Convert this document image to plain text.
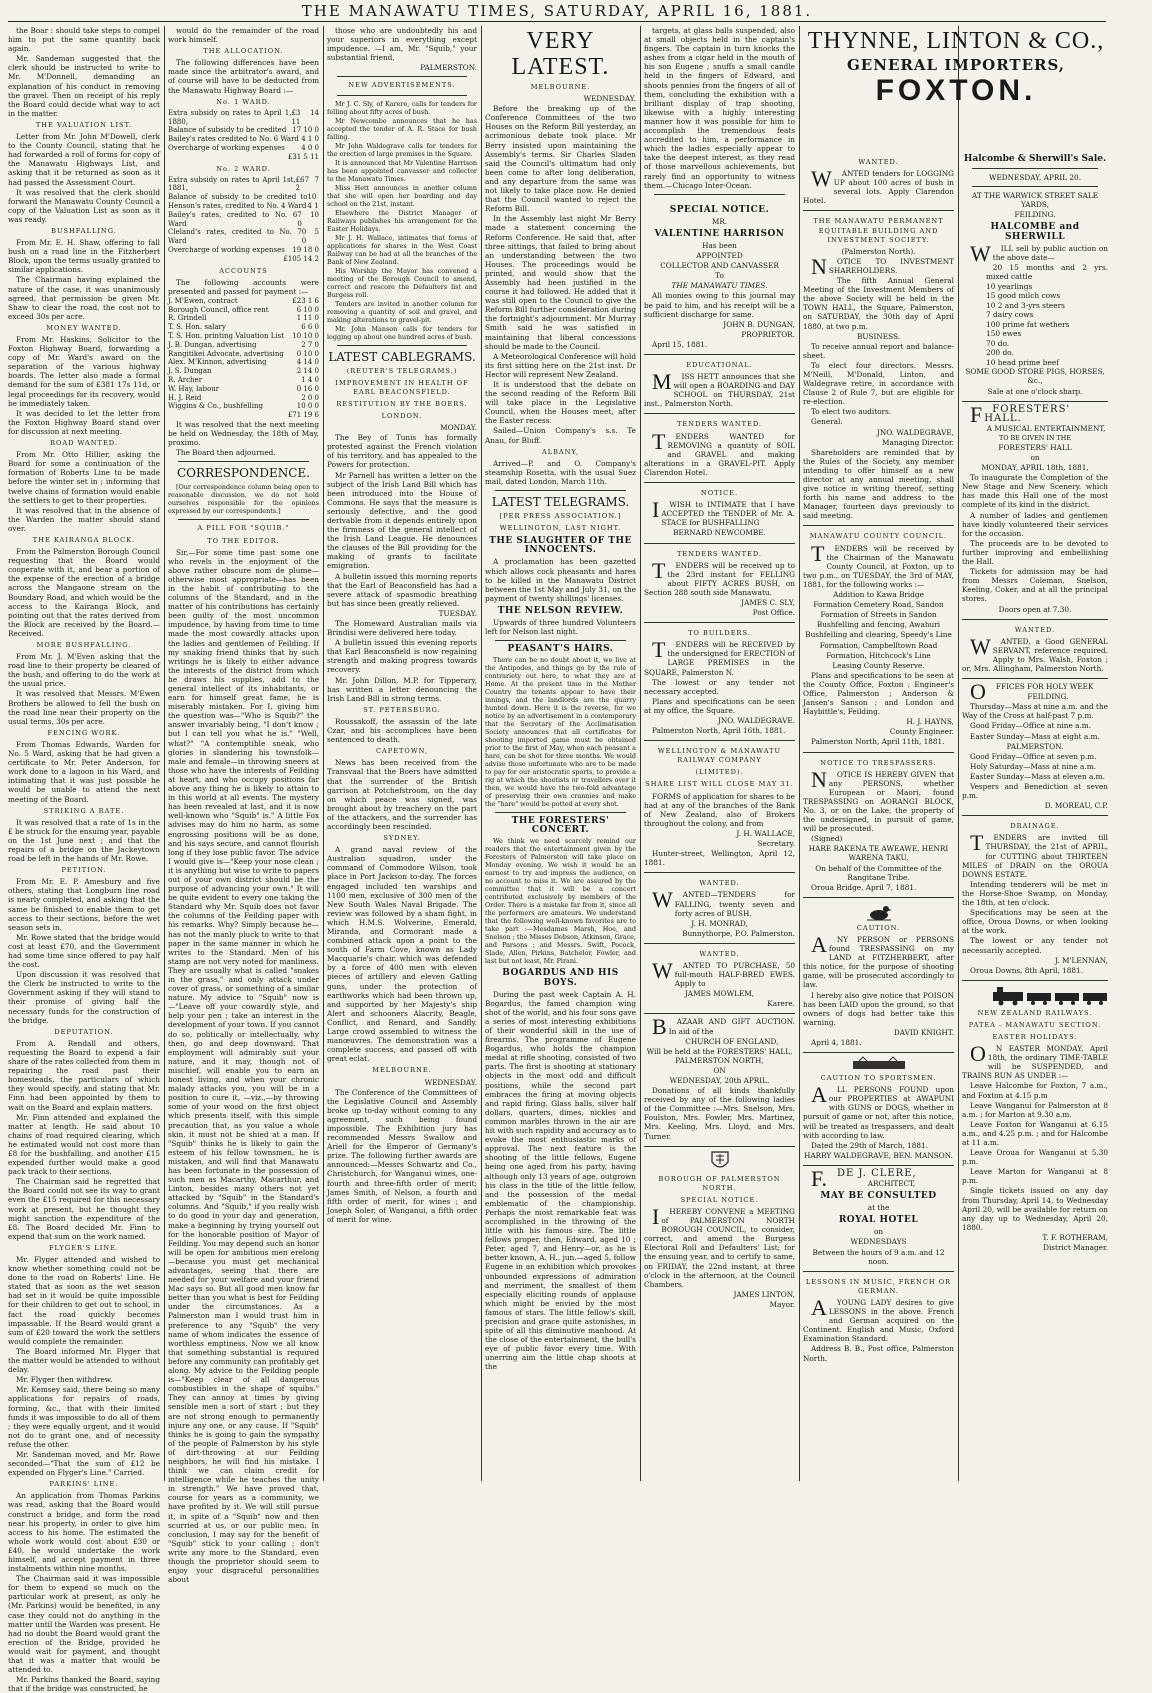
THE MANAWATU TIMES, SATURDAY, APRIL 16, 1881.

the Boar : should take steps to compel him to put the same quantity back again.

Mr. Sandeman suggested that the clerk should be instructed to write to Mr. M'Donnell, demanding an explanation of his conduct in removing the gravel. Then on receipt of his reply the Board could decide what way to act in the matter.

THE VALUATION LIST.

Letter from Mr. John M'Dowell, clerk to the County Council, stating that he had forwarded a roll of forms for copy of the Manawatu Highways List, and asking that it be returned as soon as it had passed the Assessment Court.

It was resolved that the clerk should forward the Manawatu County Council a copy of the Valuation List as soon as it was ready.

BUSHFALLING.

From Mr. E. H. Shaw, offering to fall bush on a road line in the Fitzherbert Block, upon the terms usually granted to similar applications.

The Chairman having explained the nature of the case, it was unanimously agreed, that permission be given Mr. Shaw to clear the road, the cost not to exceed 30s per acre.

MONEY WANTED.

From Mr. Haskins, Solicitor to the Foxton Highway Board, forwarding a copy of Mr. Ward's award on the separation of the various highway boards. The letter also made a formal demand for the sum of £381 17s 11d, or legal proceedings for its recovery, would be immediately taken.

It was decided to let the letter from the Foxton Highway Board stand over for discussion at next meeting.

ROAD WANTED.

From Mr. Otto Hillier, asking the Board for some a continuation of the formation of Roberts Line to be made before the winter set in ; informing that twelve chains of formation would enable the settlers to get to their properties.

It was resolved that in the absence of the Warden the matter should stand over.

THE KAIRANGA BLOCK.

From the Palmerston Borough Council requesting that the Board would cooperate with it, and bear a portion of the expense of the erection of a bridge across the Mangaone stream on the Boundary Road, and which would be the access to the Kairanga Block, and pointing out that the rates derived from the Block are received by the Board.—Received.

MORE BUSHFALLING.

From Mr. J. M'Even asking that the road line to their property be cleared of the bush, and offering to do the work at the usual price.

It was resolved that Messrs. M'Ewen Brothers be allowed to fell the bush on the road line near their property on the usual terms, 30s per acre.

FENCING WORK.

From Thomas Edwards, Warden for No. 5 Ward, asking that he had given a certificate to Mr. Peter Anderson, for work done to a lagoon in his Ward, and intimating that it was just possible he would be unable to attend the next meeting of the Board.

STRIKING A RATE.

It was resolved that a rate of 1s in the £ be struck for the ensuing year, payable on the 1st June next ; and that the repairs of a bridge on the Jackeytown road be left in the hands of Mr. Rowe.

PETITION.

From Mr. E. P. Amesbury and five others, stating that Longburn line road is nearly completed, and asking that the same be finished to enable them to get access to their sections, before the wet season sets in.

Mr. Rowe stated that the bridge would cost at least £70, and the Government had some time since offered to pay half the cost.

Upon discussion it was resolved that the Clerk be instructed to write to the Government asking if they will stand to their promise of giving half the necessary funds for the construction of the bridge.

DEPUTATION.

From A. Rendall and others, requesting the Board to expend a fair share of the rates collected from them in repairing the road past their homesteads, the particulars of which they would specify, and stating that Mr. Finn had been appointed by them to wait on the Board and explain matters.

Mr. Finn attended and explained the matter at length. He said about 10 chains of road required clearing, which he estimated would not cost more than £8 for the bushfalling, and another £15 expended further would make a good pack track to their sections.

The Chairman said he regretted that the Board could not see its way to grant even the £15 required for this necessary work at present, but he thought they might sanction the expenditure of the £8. The Board decided Mr. Finn to expend that sum on the work named.

FLYGER'S LINE.

Mr. Flyger attended and wished to know whether something could not be done to the road on Roberts' Line. He stated that as soon as the wet season had set in it would be quite impossible for their children to get out to school, in fact the road quickly becomes impassable. If the Board would grant a sum of £20 toward the work the settlers would complete the remainder.

The Board informed Mr. Flyger that the matter would be attended to without delay.

Mr. Flyger then withdrew.

Mr. Kemsey said, there being so many applications for repairs of roads, forming, &c., that with their limited funds it was impossible to do all of them ; they were equally urgent, and it would not do to grant one, and of necessity refuse the other.

Mr. Sandeman moved, and Mr. Rowe seconded—"That the sum of £12 be expended on Flyger's Line." Carried.

PARKINS' LINE.

An application from Thomas Parkins was read, asking that the Board would construct a bridge, and form the road near his property, in order to give him access to his home. The estimated the whole work would cost about £30 or £40, he would undertake the work himself, and accept payment in three instalments within nine months.

The Chairman said it was impossible for them to expend so much on the particular work at present, as only he (Mr. Parkins) would be benefited, in any case they could not do anything in the matter until the Warden was present. He had no doubt the Board would grant the erection of the Bridge, provided he would wait for payment, and thought that it was a matter that would be attended to.

Mr. Parkins thanked the Board, saying that if the bridge was constructed, he

would do the remainder of the road work himself.

THE ALLOCATION.

The following differences have been made since the arbitrator's award, and of course will have to be deducted from the Manawatu Highway Board :—

No. 1 WARD.
Extra subsidy on rates to April 1, 1880,
£3 14 11
Balance of subsidy to be credited 17 10 0
Bailey's rates credited to No. 6 Ward 4 1 0
Overcharge of working expenses 4 0 0
£31 5 11
No. 2 WARD.
Extra subsidy on rates to April 1st, 1881,
£67 7 2
Balance of subsidy to be credited to Henson's rates, credited to No. 4 Ward
10 4 1
Bailey's rates, credited to No. 6 Ward
7 10 0
Cleland's rates, credited to No. 7 Ward
0 5 0
Overcharge of working expenses 19 18 0
£105 14 2
ACCOUNTS

The following accounts were presented and passed for payment :—

J. M'Ewen, contract	£23 1 6
Borough Council, office rent	6 10 0
R. Grindell	1 11 0
T. S. Hon. salary	6 6 0
T. S. Hon. printing Valuation List 10 10 0
J. B. Dungan, advertising	2 7 0
Rangitikei Advocate, advertising 0 10 0
Alex. M'Kinnon, advertising	4 14 0
J. S. Dungan	2 14 0
R. Archer	1 4 0
W. Hay, labour	0 16 0
H. J. Reid	2 0 0
Wiggins & Co., bushfelling	10 0 0
£71 19 6

It was resolved that the next meeting be held on Wednesday, the 18th of May, proximo.

The Board then adjourned.

CORRESPONDENCE.

[Our correspondence column being open to reasonable discussion, we do not hold ourselves responsible for the opinions expressed by our correspondents.]

A PILL FOR "SQUIB."
TO THE EDITOR.

Sir,—For some time past some one who revels in the enjoyment of the above rather obscure nom de plume—otherwise most appropriate—has been in the habit of contributing to the columns of the Standard, and in the matter of his contributions has certainly been guilty of the most uncommon impudence, by having from time to time made the most cowardly attacks upon the ladies and gentlemen of Feilding. If my snaking friend thinks that by such writings he is likely to either advance the interests of the district from which he draws his supplies, add to the general intellect of its inhabitants, or earn for himself great fame, he is miserably mistaken. For I, giving him the question was—"Who is Squib?" the answer invariably being, "I don't know ; but I can tell you what he is." "Well, what?" "A contemptible sneak, who glories in slandering his townsfolk—male and female—in throwing sneers at those who have the interests of Feilding at heart, and who occupy positions far above any thing he is likely to attain to in this world at all events. The mystery has been revealed at last, and it is now well-known who "Squib" is." A little Fox advises may do him no harm, as some engrossing positions will be as done, and his says secure, and cannot flourish long if they lose public favor. The advice I would give is—"Keep your nose clean ; it is anything but wise to write to papers out of your own district should be the purpose of advancing your own." It will be quite evident to every one taking the Standard why Mr. Squib does not favor the columns of the Feilding paper with his remarks. Why? Simply because he—has not the manly pluck to write to that paper in the same manner in which he writes to the Standard. Men of his stamp are not very noted for manliness. They are usually what is called "snakes in the grass," and only attack under cover of grass, or something of a similar nature. My advice to "Squib" now is—"Leave off your cowardly style, and help your pen ; take an interest in the development of your town. If you cannot do so, politically or intellectually, why then, go and deep downward. That employment will admirably suit your nature, and it may, though not of mischief, will enable you to earn an honest living, and when your chronic malady attacks you, you will be in a position to cure it, —viz.,—by throwing some of your wood on the first object which presents itself, with this simple precaution that, as you value a whole skin, it must not be shied at a man. If "Squib" thinks he is likely to gain the esteem of his fellow townsmen, he is mistaken, and will find that Manawatu has been fortunate in the possession of such men as Macarthy, Macarthur, and Linton, besides many others not yet attacked by "Squib" in the Standard's columns. And "Squib," if you really wish to do good in your day and generation, make a beginning by trying yourself out for the honorable position of Mayor of Feilding. You may depend such an honor will be open for ambitious men erelong—because you must get mechanical advantages, seeing that there are needed for your welfare and your friend Mac says so. But all good men know far better than you what is best for Feilding under the circumstances. As a Palmerston man I would trust him in preference to any "Squib" the very name of whom indicates the essence of worthless emptiness. Now we all know that something substantial is required before any community can profitably get along. My advice to the Feilding people is—"Keep clear of all dangerous combustibles in the shape of squibs." They can annoy at times by giving sensible men a sort of start ; but they are not strong enough to permanently injure any one, or any cause. If "Squib" thinks he is going to gain the sympathy of the people of Palmerston by his style of dirt-throwing at our Feilding neighbors, he will find his mistake. I think we can claim credit for intelligence while he teaches the unity in strength." We have proved that, course for years as a community, we have profited by it. We will still pursue it, in spite of a "Squib" now and then scurried at us, or our public men. In conclusion, I may say for the benefit of "Squib" stick to your calling ; don't write any more to the Standard, even though the proprietor should seem to enjoy your disgraceful personalities about

those who are undoubtedly his and your superiors in everything except impudence. —I am, Mr. "Squib," your substantial friend,

PALMERSTON.

NEW ADVERTISEMENTS.

Mr J. C. Sly, of Karere, calls for tenders for felling about fifty acres of bush.

Mr Newcombe announces that he has accepted the tender of A. R. Stace for bush falling.

Mr John Waldegrave calls for tenders for the erection of large premises in the Square.

It is announced that Mr Valentine Harrison has been appointed canvasser and collector to the Manawatu Times.

Miss Hett announces in another column that she will open her boarding and day school on the 21st, instant.

Elsewhere the District Manager of Railways publishes his arrangement for the Easter Holidays.

Mr J. H. Wallace, intimates that forms of applications for shares in the West Coast Railway can be had at all the branches of the Bank of New Zealand.

His Worship the Mayor has convened a meeting of the Borough Council to amend, correct and rescore the Defaulters list and Burgess roll.

Tenders are invited in another column for removing a quantity of soil and gravel, and making alterations to gravel-pit.

Mr. John Manson calls for tenders for logging up about one hundred acres of bush.

LATEST CABLEGRAMS.
(REUTER'S TELEGRAMS.)
IMPROVEMENT IN HEALTH OF EARL BEACONSFIELD.
RESTITUTION BY THE BOERS.
LONDON.

MONDAY.

The Bey of Tunis has formally protested against the French violation of his territory, and has appealed to the Powers for protection.

Mr Parnell has written a letter on the subject of the Irish Land Bill which has been introduced into the House of Commons. He says that the measure is seriously defective, and the good derivable from it depends entirely upon the firmness of the general intellect of the Irish Land League. He denounces the clauses of the Bill providing for the making of grants to facilitate emigration.

A bulletin issued this morning reports that the Earl of Beaconsfield has had a severe attack of spasmodic breathing but has since been greatly relieved.

TUESDAY.

The Homeward Australian mails via Brindisi were delivered here today.

A bulletin issued this evening reports that Earl Beaconsfield is now regaining strength and making progress towards recovery.

Mr. John Dillon, M.P. for Tipperary, has written a letter denouncing the Irish Land Bill in strong terms.

ST. PETERSBURG.

Roussakoff, the assassin of the late Czar, and his accomplices have been sentenced to death.

CAPETOWN,

News has been received from the Transvaal that the Boers have admitted that the surrender of the British garrison at Potchefstroom, on the day on which peace was signed, was brought about by treachery on the part of the attackers, and the surrender has accordingly been rescinded.

SYDNEY.

A grand naval review of the Australian squadron, under the command of Commodore Wilson, took place in Port Jackson to-day. The forces engaged included ten warships and 1100 men, exclusive of 300 men of the New South Wales Naval Brigade. The review was followed by a sham fight, in which H.M.S. Wolverine, Emerald, Miranda, and Cormorant made a combined attack upon a point to the south of Farm Cove, known as Lady Macquarie's chair, which was defended by a force of 400 men with eleven pieces of artillery and eleven Gatling guns, under the protection of earthworks which had been thrown up, and supported by her Majesty's ship Alert and schooners Alacrity, Beagle, Conflict, and Renard, and Sandfly. Large crowd assembled to witness the manœuvres. The demonstration was a complete success, and passed off with great eclat.

MELBOURNE.

WEDNESDAY.

The Conference of the Committees of the Legislative Council and Assembly broke up to-day without coming to any agreement, such being found impossible. The Exhibition jury has recommended Messrs Swallow and Ariell for the Emperor of Germany's prize. The following further awards are announced:—Messrs Schwartz and Co., Christchurch, for Wanganui wines, one-fourth and three-fifth order of merit; James Smith, of Nelson, a fourth and fifth order of merit, for wines ; and Joseph Soler, of Wanganui, a fifth order of merit for wine.

VERY LATEST.
MELBOURNE.

WEDNESDAY.

Before the breaking up of the Conference Committees of the two Houses on the Reform Bill yesterday, an acrimonious debate took place. Mr Berry insisted upon maintaining the Assembly's terms. Sir Charles Sladen said the Council's ultimatum had only been come to after long deliberation, and any departure from the same was not likely to take place now. He denied that the Council wanted to reject the Reform Bill.

In the Assembly last night Mr Berry made a statement concerning the Reform Conference. He said that, after three sittings, that failed to bring about an understanding between the two Houses. The proceedings would be printed, and would show that the Assembly had been justified in the course it had followed. He added that it was still open to the Council to give the Reform Bill further consideration during the fortnight's adjournment. Mr Murray Smith said he was satisfied in maintaining that liberal concessions should be made to the Council.

A Meteorological Conference will hold its first sitting here on the 21st inst. Dr Hector will represent New Zealand.

It is understood that the debate on the second reading of the Reform Bill will take place in the Legislative Council, when the Houses meet, after the Easter recess.

Sailed—Union Company's s.s. Te Anau, for Bluff.

ALBANY,

Arrived—P. and O. Company's steamship Rosetta, with the usual Suez mail, dated London, March 11th.

LATEST TELEGRAMS.
[PER PRESS ASSOCIATION.]
WELLINGTON, LAST NIGHT.
THE SLAUGHTER OF THE INNOCENTS.

A proclamation has been gazetted which allows cock pheasants and hares to be killed in the Manawatu District between the 1st May and July 31, on the payment of twenty shillings' licenses.

THE NELSON REVIEW.

Upwards of three hundred Volunteers left for Nelson last night.

PEASANT'S HAIRS.

There can be no doubt about it, we live at the Antipodes, and things go by the rule of contrariety out here, to what they are at Home. At the present time in the Mother Country the tenants appear to have their innings, and the landlords are the quarry hunted down. Here it is the reverse, for we notice by an advertisement in a contemporary that the Secretary of the Acclimatisation Society announces that all certificates for shooting imported game must be obtained prior to the first of May, when each peasant a hare, can be shot for three months. We would advise those unfortunate who are to be made to pay for our aristocratic sports, to provide a rig at which the shootists or travellers over it then, we would have the two-fold advantage of preserving their own crannies and make the "hare" would be potted at every shot.

THE FORESTERS' CONCERT.

We think we need scarcely remind our readers that the entertainment given by the Foresters of Palmerston will take place on Monday evening. We wish it would be an earnest to try and impress the audience, on no account to miss it. We are assured by the committee that it will be a concert contributed exclusively by members of the Order. There is a mistake far from it, since all the performers are amateurs. We understand that the following well-known favorites are to take part :—Mesdames Marsh, Hoe, and Snelson ; the Misses Dobson, Atkinson, Grace, and Parsons ; and Messrs. Swift, Pocock, Slade, Allen, Pirkins, Batchelor, Fowler, and last but not least, Mr. Pirani.

BOGARDUS AND HIS BOYS.

During the past week Captain A. H. Bogardus, the famed champion wing shot of the world, and his four sons gave a series of most interesting exhibitions of their wonderful skill in the use of firearms. The programme of Eugene Bogardus, who holds the champion medal at rifle shooting, consisted of two parts. The first is shooting at stationary objects in the most odd and difficult positions, while the second part embraces the firing at moving objects and rapid firing. Glass balls, silver half dollars, quarters, dimes, nickles and common marbles thrown in the air are hit with such rapidity and accuracy as to evoke the most enthusiastic marks of approval. The next feature is the shooting of the little fellows, Eugene being one aged from his party, having although only 13 years of age, outgrown his class in the title of the little fellow, and the possession of the medal emblematic of the championship. Perhaps the most remarkable feat was accomplished in the throwing of the little with his famous sire. The little fellows proper, then, Edward, aged 10 ; Peter, aged 7, and Henry—or, as he is better known, A. H., jun.—aged 5, follow Eugene in an exhibition which provokes unbounded expressions of admiration and merriment, the smallest of them especially eliciting rounds of applause which might be envied by the most famous of stars. The little fellow's skill, precision and grace quite astonishes, in spite of all this diminutive manhood. At the close of the entertainment, the bull's eye of public favor every time. With unerring aim the little chap shoots at the

targets, at glass balls suspended, also at small objects held in the captain's fingers. The captain in turn knocks the ashes from a cigar held in the mouth of his son Eugene ; snuffs a small candle held in the fingers of Edward, and shoots pennies from the fingers of all of them, concluding the exhibition with a brilliant display of trap shooting, likewise with a highly interesting manner how it was possible for him to accomplish the tremendous feats accredited to him, a performance in which the ladies especially appear to take the deepest interest, as they read of those marvellous achievements, but rarely find an opportunity to witness them.—Chicago Inter-Ocean.

SPECIAL NOTICE.

MR.

VALENTINE HARRISON

Has been

APPOINTED

COLLECTOR AND CANVASSER

To

THE MANAWATU TIMES.

All monies owing to this journal may be paid to him, and his receipt will be a sufficient discharge for same.

JOHN B. DUNGAN,

PROPRIETOR.

April 15, 1881.

EDUCATIONAL.

M ISS HETT announces that she will open a BOARDING and DAY SCHOOL on THURSDAY, 21st inst., Palmerston North.

TENDERS WANTED.

T ENDERS WANTED for REMOVING a quantity of SOIL and GRAVEL and making alterations in a GRAVEL-PIT. Apply Clarendon Hotel.

NOTICE.

I WISH to INTIMATE that I have ACCEPTED the TENDER of Mr. A. STACE for BUSHFALLING

BERNARD NEWCOMBE.

TENDERS WANTED.

T ENDERS will be received up to the 23rd instant for FELLING about FIFTY ACRES BUSH, on Section 288 south side Manawatu.

JAMES C. SLY,

Post Office.

TO BUILDERS.

T ENDERS will be RECEIVED by the undersigned for ERECTION of LARGE PREMISES in the SQUARE, Palmerston N.

The lowest or any tender not necessary accepted.

Plans and specifications can be seen at my office, the Square.

JNO. WALDEGRAVE.

Palmerston North, April 16th, 1881.

WELLINGTON & MANAWATU RAILWAY COMPANY
(LIMITED).
SHARE LIST WILL CLOSE MAY 31.

FORMS of application for shares to be had at any of the branches of the Bank of New Zealand, also of Brokers throughout the colony, and from

J. H. WALLACE,

Secretary.

Hunter-street, Wellington, April 12, 1881.

WANTED.

W ANTED—TENDERS for FALLING, twenty seven and forty acres of BUSH.

J. H. MONRAD,

Bunnythorpe, P.O. Palmerston.

WANTED.

W ANTED TO PURCHASE, 50 full-mouth HALF-BRED EWES. Apply to

JAMES MOWLEM,

Karere.

B AZAAR AND GIFT AUCTION. In aid of the

CHURCH OF ENGLAND,

Will be held at the FORESTERS' HALL, PALMERSTON NORTH,

ON

WEDNESDAY, 20th APRIL.

Donations of all kinds thankfully received by any of the following ladies of the Committee :—Mrs. Snelson, Mrs. Foulston, Mrs. Fowler, Mrs. Martinez, Mrs. Keeling, Mrs. Lloyd, and Mrs. Turner.

BOROUGH OF PALMERSTON NORTH.
SPECIAL NOTICE.

I HEREBY CONVENE a MEETING of PALMERSTON NORTH BOROUGH COUNCIL, to consider, correct, and amend the Burgess Electoral Roll and Defaulters' List; for the ensuing year, and to certify to same, on FRIDAY, the 22nd instant, at three o'clock in the afternoon, at the Council Chambers.

JAMES LINTON,

Mayor.

THYNNE, LINTON & CO.,
GENERAL IMPORTERS,
FOXTON.
WANTED.

W ANTED tenders for LOGGING UP about 100 acres of bush in several lots. Apply Clarendon Hotel.

THE MANAWATU PERMANENT EQUITABLE BUILDING AND INVESTMENT SOCIETY.

(Palmerston North).

N OTICE TO INVESTMENT SHAREHOLDERS.

The fifth Annual General Meeting of the Investment Members of the above Society will be held in the TOWN HALL, the Square, Palmerston, on SATURDAY, the 30th day of April 1880, at two p.m.

BUSINESS.

To receive annual report and balance-sheet.

To elect four directors. Messrs. M'Neill, M'Donald, Linton, and Waldegrave retire, in accordance with Clause 2 of Rule 7, but are eligible for re-election.

To elect two auditors.

General.

JNO. WALDEGRAVE,

Managing Director.

Shareholders are reminded that by the Rules of the Society, any member intending to offer himself as a new director at any annual meeting, shall give notice in writing thereof, setting forth his name and address to the Manager, fourteen days previously to said meeting.

MANAWATU COUNTY COUNCIL.

T ENDERS will be received by the Chairman of the Manawatu County Council, at Foxton, up to two p.m., on TUESDAY, the 3rd of MAY, 1881, for the following works :—

Addition to Kawa Bridge

Formation Cemetery Road, Sandon

Formation of Streets in Sandon

Bushfelling and fencing, Awahuri

Bushfelling and clearing, Speedy's Line

Formation, Campbelltown Road

Formation, Hitchcock's Line

Leasing County Reserve.

Plans and specifications to be seen at the County Office, Foxton ; Engineer's Office, Palmerston ; Anderson & Jansen's Sanson ; and London and Haybittle's, Feilding.

H. J. HAYNS,

County Engineer.

Palmerston North, April 11th, 1881.

NOTICE TO TRESPASSERS.

N OTICE IS HEREBY GIVEN that any PERSONS, whether European or Maori, found TRESPASSING on AORANGI BLOCK, No. 3, or on the Lake, the property of the undersigned, in pursuit of game, will be prosecuted.

(Signed)

HARE RAKENA TE AWEAWE, HENRI WARENA TAKU,

On behalf of the Committee of the Rangitane Tribe.

Oroua Bridge, April 7, 1881.

CAUTION.

A NY PERSON or PERSONS found TRESPASSING on my LAND at FITZHERBERT, after this notice, for the purpose of shooting game, will be prosecuted accordingly to law.

I hereby also give notice that POISON has been LAID upon the ground, so that owners of dogs had better take this warning.

DAVID KNIGHT.

April 4, 1881.

CAUTION TO SPORTSMEN.

A LL PERSONS FOUND upon our PROPERTIES at AWAPUNI with GUNS or DOGS, whether in pursuit of game or not, after this notice, will be treated as trespassers, and dealt with according to law.

Dated the 29th of March, 1881.

HARRY WALDEGRAVE, BEN. MANSON.

F. DE J. CLERE,

ARCHITECT,

MAY BE CONSULTED

at the

ROYAL HOTEL

on

WEDNESDAYS

Between the hours of 9 a.m. and 12 noon.

LESSONS IN MUSIC, FRENCH OR GERMAN.

A YOUNG LADY desires to give LESSONS in the above. French and German acquired on the Continent. English and Music, Oxford Examination Standard.

Address B. B., Post office, Palmerston North.

Halcombe & Sherwill's Sale.

WEDNESDAY, APRIL 20.

AT THE WARWICK STREET SALE YARDS,

FEILDING.

HALCOMBE and SHERWILL

W ILL sell by public auction on the above date—

20 15 months and 2 yrs. mixed cattle
10 yearlings
15 good milch cows
10 2 and 3-yrs steers
7 dairy cows
100 prime fat wethers
150 ewes
70 do.
200 do.
10 head prime beef

SOME GOOD STORE PIGS, HORSES, &c.,

Sale at one o'clock sharp.

F FORESTERS' HALL.

A MUSICAL ENTERTAINMENT,

TO BE GIVEN IN THE

FORESTERS' HALL

on

MONDAY, APRIL 18th, 1881,

To inaugurate the Completion of the New Stage and New Scenery. which has made this Hall one of the most complete of its kind in the district.

A number of ladies and gentlemen have kindly volunteered their services for the occasion.

The proceeds are to be devoted to further improving and embellishing the Hall.

Tickets for admission may be had from Messrs Coleman, Snelson, Keeling, Coker, and at all the principal stores.

Doors open at 7.30.

WANTED.

W ANTED, a Good GENERAL SERVANT, reference required. Apply to Mrs. Walsh, Foxton ; or, Mrs. Allingham, Palmerston North.

O FFICES FOR HOLY WEEK

FEILDING.

Thursday—Mass at nine a.m. and the Way of the Cross at half-past 7 p.m.

Good Friday—Office at nine a.m.

Easter Sunday—Mass at eight a.m.

PALMERSTON.

Good Friday—Office at seven p.m.

Holy Saturday—Mass at nine a.m.

Easter Sunday—Mass at eleven a.m.

Vespers and Benediction at seven p.m.

D. MOREAU, C.P.

DRAINAGE.

T ENDERS are invited till THURSDAY, the 21st of APRIL, for CUTTING about THIRTEEN MILES of DRAIN on the OROUA DOWNS ESTATE.

Intending tenderers will be met in the Horse-Shoe Swamp, on Monday, the 18th, at ten o'clock.

Specifications may be seen at the office, Oroua Downs, or when looking at the work.

The lowest or any tender not necessarily accepted.

J. M'LENNAN,

Oroua Downs, 8th April, 1881.

NEW ZEALAND RAILWAYS.
PATEA - MANAWATU SECTION.
EASTER HOLIDAYS.

O N EASTER MONDAY, April 18th, the ordinary TIME-TABLE will be SUSPENDED, and TRAINS RUN AS UNDER :—

Leave Halcombe for Foxton, 7 a.m., and Foxton at 4.15 p.m

Leave Wanganui for Palmerston at 8 a.m. ; for Marton at 9.30 a.m.

Leave Foxton for Wanganui at 6.15 a.m., and 4.25 p.m. ; and for Halcombe at 11 a.m.

Leave Oroua for Wanganui at 5.30 p.m.

Leave Marton for Wanganui at 8 p.m.

Single tickets issued on any day from Thursday, April 14, to Wednesday April 20, will be available for return on any day up to Wednesday, April 20, 1880.

T. F. ROTHERAM,

District Manager.
